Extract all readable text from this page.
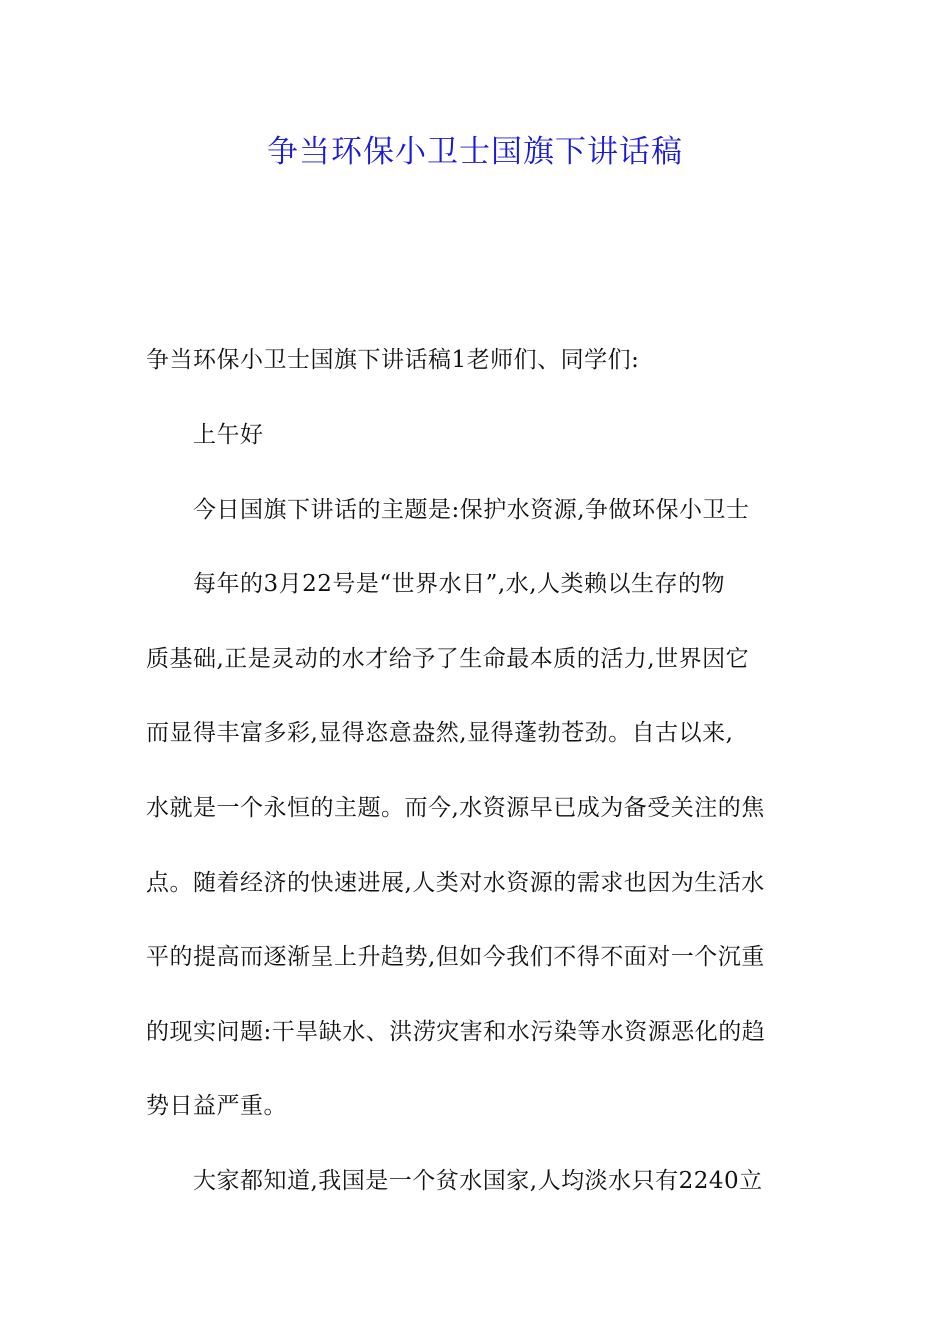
争当环保小卫士国旗下讲话稿
争当环保小卫士国旗下讲话稿1老师们、同学们:
上午好
今日国旗下讲话的主题是:保护水资源,争做环保小卫士
每年的3月22号是“世界水日”,水,人类赖以生存的物
质基础,正是灵动的水才给予了生命最本质的活力,世界因它
而显得丰富多彩,显得恣意盎然,显得蓬勃苍劲。自古以来,
水就是一个永恒的主题。而今,水资源早已成为备受关注的焦
点。随着经济的快速进展,人类对水资源的需求也因为生活水
平的提高而逐渐呈上升趋势,但如今我们不得不面对一个沉重
的现实问题:干旱缺水、洪涝灾害和水污染等水资源恶化的趋
势日益严重。
大家都知道,我国是一个贫水国家,人均淡水只有2240立
